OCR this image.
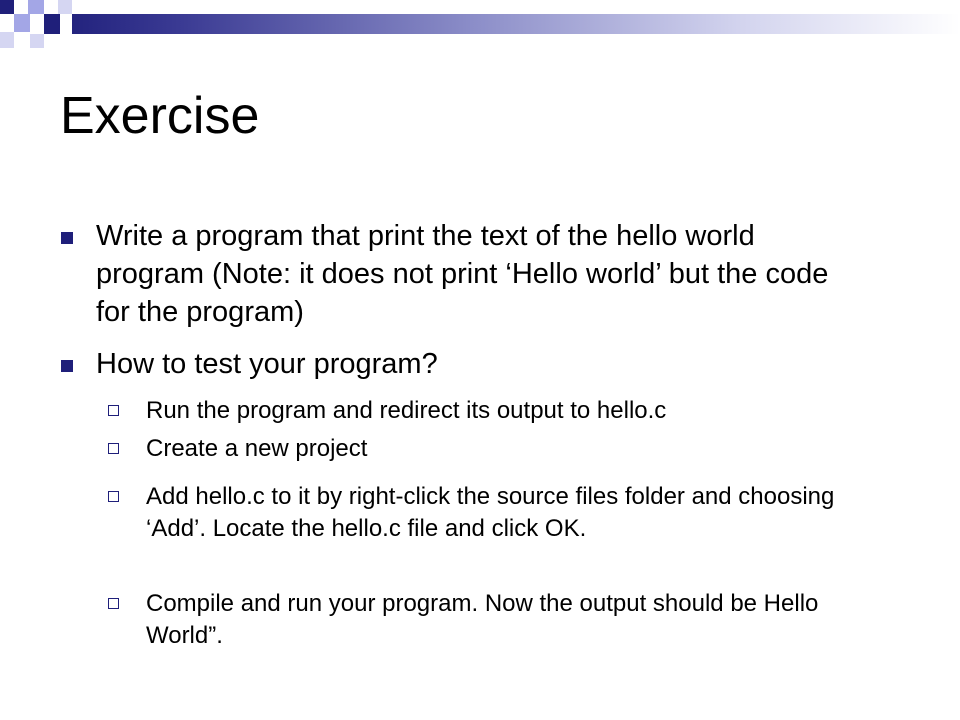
Exercise
Write a program that print the text of the hello world program (Note: it does not print ‘Hello world’ but the code for the program)
How to test your program?
Run the program and redirect its output to hello.c
Create a new project
Add hello.c to it by right-click the source files folder and choosing ‘Add’. Locate the hello.c file and click OK.
Compile and run your program. Now the output should be Hello World”.
